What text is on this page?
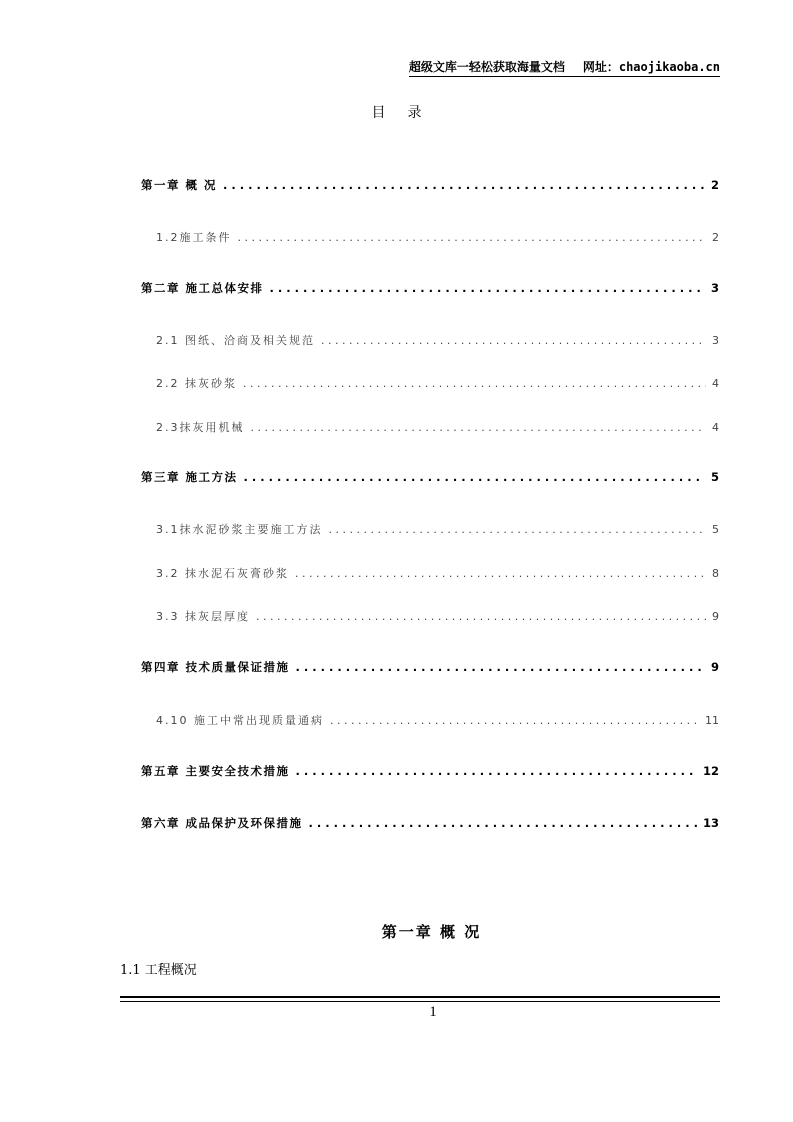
超级文库一轻松获取海量文档 网址：chaojikaoba.cn
目录
第一章 概 况 . . .	2
1.2施工条件 . . .	2
第二章 施工总体安排 . . .	3
2.1 图纸、洽商及相关规范 . . .	3
2.2 抹灰砂浆 . . .	4
2.3抹灰用机械 . . .	4
第三章 施工方法 . . .	5
3.1抹水泥砂浆主要施工方法 . . .	5
3.2 抹水泥石灰膏砂浆 . . .	8
3.3 抹灰层厚度 . . .	9
第四章 技术质量保证措施 . . .	9
4.10 施工中常出现质量通病 . . .	11
第五章 主要安全技术措施 . . .	12
第六章 成品保护及环保措施 . . .	13
第一章 概 况
1.1 工程概况
1
